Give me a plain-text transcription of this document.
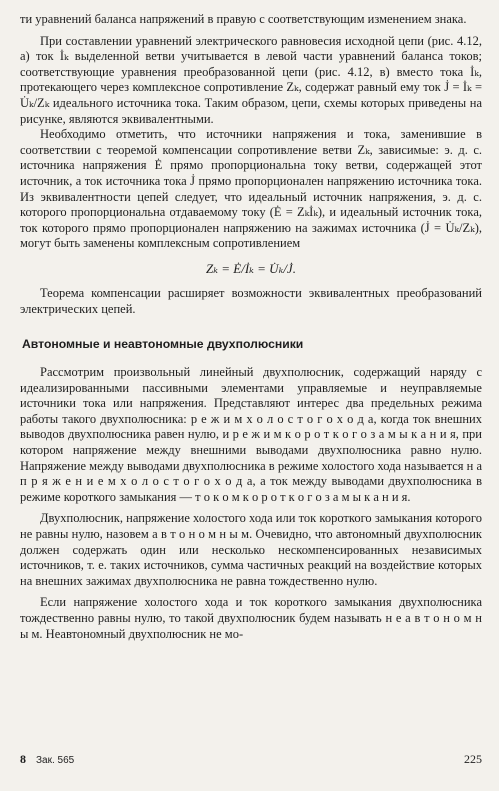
ти уравнений баланса напряжений в правую с соответствующим изменением знака.

При составлении уравнений электрического равновесия исходной цепи (рис. 4.12, а) ток İₖ выделенной ветви учитывается в левой части уравнений баланса токов; соответствующие уравнения преобразованной цепи (рис. 4.12, в) вместо тока İₖ, протекающего через комплексное сопротивление Zₖ, содержат равный ему ток J̇ = İₖ = U̇ₖ/Zₖ идеального источника тока. Таким образом, цепи, схемы которых приведены на рисунке, являются эквивалентными.

Необходимо отметить, что источники напряжения и тока, заменившие в соответствии с теоремой компенсации сопротивление ветви Zₖ, зависимые: э. д. с. источника напряжения Ė прямо пропорциональна току ветви, содержащей этот источник, а ток источника тока J̇ прямо пропорционален напряжению источника тока. Из эквивалентности цепей следует, что идеальный источник напряжения, э. д. с. которого пропорциональна отдаваемому току (Ė = Zₖİₖ), и идеальный источник тока, ток которого прямо пропорционален напряжению на зажимах источника (J̇ = U̇ₖ/Zₖ), могут быть заменены комплексным сопротивлением

Zₖ = Ė/İₖ = U̇ₖ/J̇.

Теорема компенсации расширяет возможности эквивалентных преобразований электрических цепей.

Автономные и неавтономные двухполюсники

Рассмотрим произвольный линейный двухполюсник, содержащий наряду с идеализированными пассивными элементами управляемые и неуправляемые источники тока или напряжения. Представляют интерес два предельных режима работы такого двухполюсника: р е ж и м х о л о с т о г о х о д а, когда ток внешних выводов двухполюсника равен нулю, и р е ж и м к о р о т к о г о з а м ы к а н и я, при котором напряжение между внешними выводами двухполюсника равно нулю. Напряжение между выводами двухполюсника в режиме холостого хода называется н а п р я ж е н и е м х о л о с т о г о х о д а, а ток между выводами двухполюсника в режиме короткого замыкания — т о к о м к о р о т к о г о з а м ы к а н и я.

Двухполюсник, напряжение холостого хода или ток короткого замыкания которого не равны нулю, назовем а в т о н о м н ы м. Очевидно, что автономный двухполюсник должен содержать один или несколько нескомпенсированных независимых источников, т. е. таких источников, сумма частичных реакций на воздействие которых на внешних зажимах двухполюсника не равна тождественно нулю.

Если напряжение холостого хода и ток короткого замыкания двухполюсника тождественно равны нулю, то такой двухполюсник будем называть н е а в т о н о м н ы м. Неавтономный двухполюсник не мо-

8 Зак. 565	225
